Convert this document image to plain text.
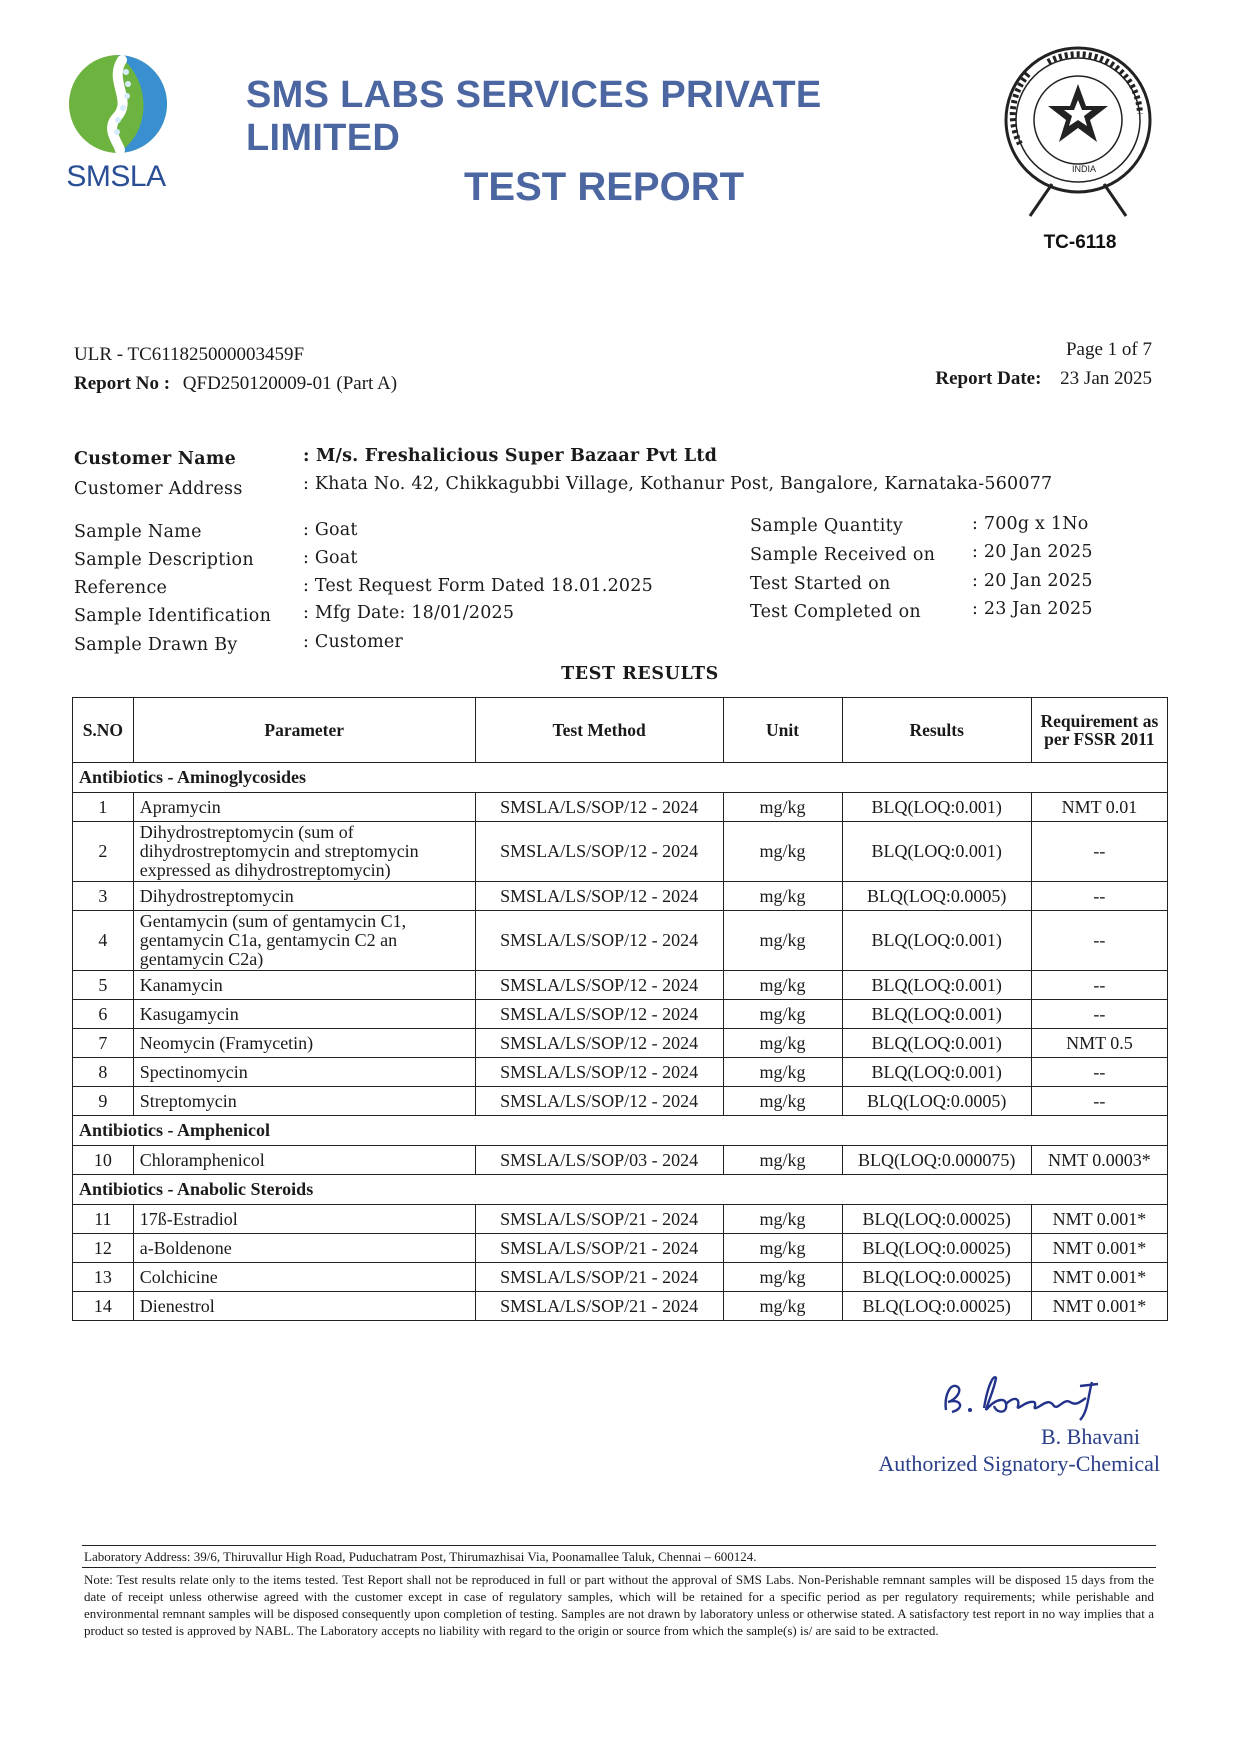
SMSLA
SMS LABS SERVICES PRIVATE LIMITED
TEST REPORT	INDIA
TC-6118
ULR - TC611825000003459F
Report No : QFD250120009-01 (Part A)
Page 1 of 7
Report Date: 23 Jan 2025
Customer Name	: M/s. Freshalicious Super Bazaar Pvt Ltd
Customer Address	: Khata No. 42, Chikkagubbi Village, Kothanur Post, Bangalore, Karnataka-560077
Sample Name	: Goat
Sample Description	: Goat
Reference	: Test Request Form Dated 18.01.2025
Sample Identification : Mfg Date: 18/01/2025
Sample Drawn By	: Customer
Sample Quantity	: 700g x 1No
Sample Received on : 20 Jan 2025
Test Started on	: 20 Jan 2025
Test Completed on	: 23 Jan 2025
TEST RESULTS
S.NO	Parameter	Test Method	Unit	Results	Requirement as per FSSR 2011
Antibiotics - Aminoglycosides					
1	Apramycin	SMSLA/LS/SOP/12 - 2024	mg/kg	BLQ(LOQ:0.001)	NMT 0.01
2	Dihydrostreptomycin (sum of dihydrostreptomycin and streptomycin expressed as dihydrostreptomycin)	SMSLA/LS/SOP/12 - 2024	mg/kg	BLQ(LOQ:0.001)	--
3	Dihydrostreptomycin	SMSLA/LS/SOP/12 - 2024	mg/kg	BLQ(LOQ:0.0005)	--
4	Gentamycin (sum of gentamycin C1, gentamycin C1a, gentamycin C2 an gentamycin C2a)	SMSLA/LS/SOP/12 - 2024	mg/kg	BLQ(LOQ:0.001)	--
5	Kanamycin	SMSLA/LS/SOP/12 - 2024	mg/kg	BLQ(LOQ:0.001)	--
6	Kasugamycin	SMSLA/LS/SOP/12 - 2024	mg/kg	BLQ(LOQ:0.001)	--
7	Neomycin (Framycetin)	SMSLA/LS/SOP/12 - 2024	mg/kg	BLQ(LOQ:0.001)	NMT 0.5
8	Spectinomycin	SMSLA/LS/SOP/12 - 2024	mg/kg	BLQ(LOQ:0.001)	--
9	Streptomycin	SMSLA/LS/SOP/12 - 2024	mg/kg	BLQ(LOQ:0.0005)	--
Antibiotics - Amphenicol					
10	Chloramphenicol	SMSLA/LS/SOP/03 - 2024	mg/kg	BLQ(LOQ:0.000075)	NMT 0.0003*
Antibiotics - Anabolic Steroids					
11	17ß-Estradiol	SMSLA/LS/SOP/21 - 2024	mg/kg	BLQ(LOQ:0.00025)	NMT 0.001*
12	a-Boldenone	SMSLA/LS/SOP/21 - 2024	mg/kg	BLQ(LOQ:0.00025)	NMT 0.001*
13	Colchicine	SMSLA/LS/SOP/21 - 2024	mg/kg	BLQ(LOQ:0.00025)	NMT 0.001*
14	Dienestrol	SMSLA/LS/SOP/21 - 2024	mg/kg	BLQ(LOQ:0.00025)	NMT 0.001*
B. Bhavani
Authorized Signatory-Chemical
Laboratory Address: 39/6, Thiruvallur High Road, Puduchatram Post, Thirumazhisai Via, Poonamallee Taluk, Chennai – 600124.
Note: Test results relate only to the items tested. Test Report shall not be reproduced in full or part without the approval of SMS Labs. Non-Perishable remnant samples will be disposed 15 days from the date of receipt unless otherwise agreed with the customer except in case of regulatory samples, which will be retained for a specific period as per regulatory requirements; while perishable and environmental remnant samples will be disposed consequently upon completion of testing. Samples are not drawn by laboratory unless or otherwise stated. A satisfactory test report in no way implies that a product so tested is approved by NABL. The Laboratory accepts no liability with regard to the origin or source from which the sample(s) is/ are said to be extracted.
